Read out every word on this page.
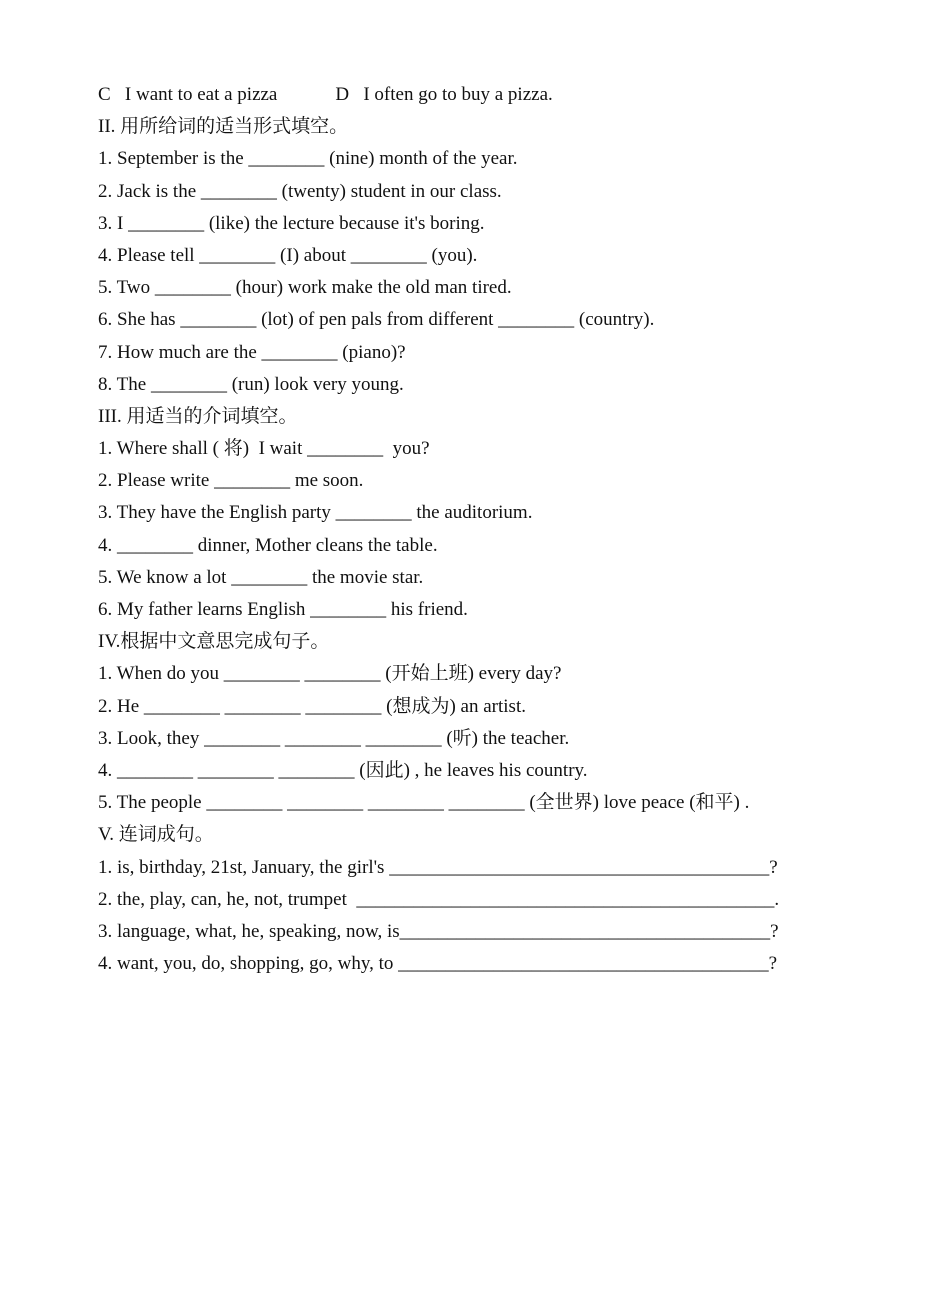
C   I want to eat a pizza	D   I often go to buy a pizza.
II. 用所给词的适当形式填空。
1. September is the ________ (nine) month of the year.
2. Jack is the ________ (twenty) student in our class.
3. I ________ (like) the lecture because it's boring.
4. Please tell ________ (I) about ________ (you).
5. Two ________ (hour) work make the old man tired.
6. She has ________ (lot) of pen pals from different ________ (country).
7. How much are the ________ (piano)?
8. The ________ (run) look very young.
III. 用适当的介词填空。
1. Where shall ( 将)  I wait ________  you?
2. Please write ________ me soon.
3. They have the English party ________ the auditorium.
4. ________ dinner, Mother cleans the table.
5. We know a lot ________ the movie star.
6. My father learns English ________ his friend.
IV.根据中文意思完成句子。
1. When do you ________ ________ (开始上班) every day?
2. He ________ ________ ________ (想成为) an artist.
3. Look, they ________ ________ ________ (听) the teacher.
4. ________ ________ ________ (因此) , he leaves his country.
5. The people ________ ________ ________ ________ (全世界) love peace (和平) .
V. 连词成句。
1. is, birthday, 21st, January, the girl's ________________________________________?
2. the, play, can, he, not, trumpet  ____________________________________________.
3. language, what, he, speaking, now, is_______________________________________?
4. want, you, do, shopping, go, why, to _______________________________________?
